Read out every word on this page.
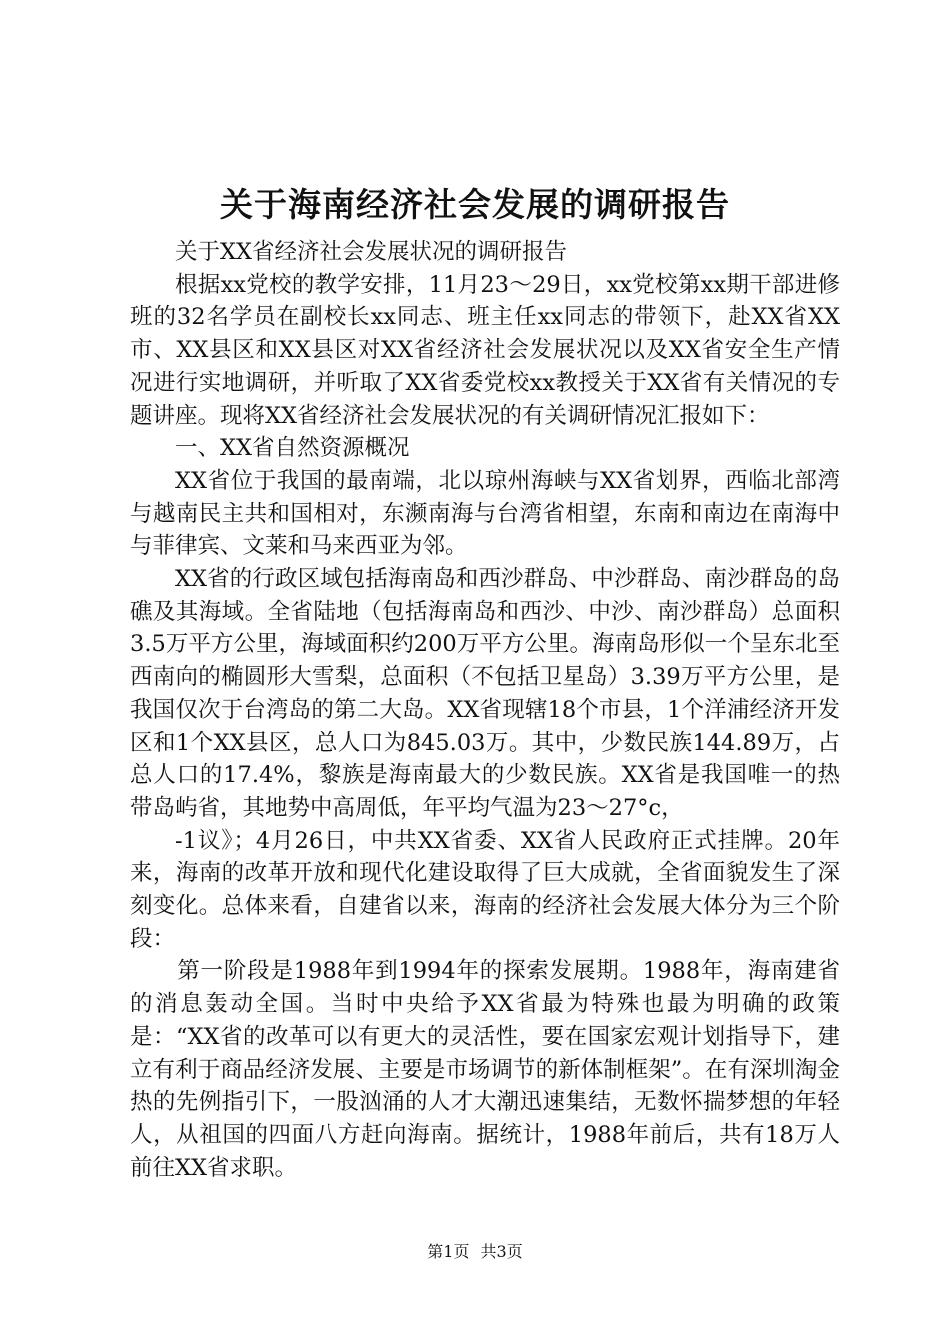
关于海南经济社会发展的调研报告

关于XX省经济社会发展状况的调研报告

根据xx党校的教学安排，11月23～29日，xx党校第xx期干部进修班的32名学员在副校长xx同志、班主任xx同志的带领下，赴XX省XX市、XX县区和XX县区对XX省经济社会发展状况以及XX省安全生产情况进行实地调研，并听取了XX省委党校xx教授关于XX省有关情况的专题讲座。现将XX省经济社会发展状况的有关调研情况汇报如下：

一、XX省自然资源概况

XX省位于我国的最南端，北以琼州海峡与XX省划界，西临北部湾与越南民主共和国相对，东濒南海与台湾省相望，东南和南边在南海中与菲律宾、文莱和马来西亚为邻。

XX省的行政区域包括海南岛和西沙群岛、中沙群岛、南沙群岛的岛礁及其海域。全省陆地（包括海南岛和西沙、中沙、南沙群岛）总面积3.5万平方公里，海域面积约200万平方公里。海南岛形似一个呈东北至西南向的椭圆形大雪梨，总面积（不包括卫星岛）3.39万平方公里，是我国仅次于台湾岛的第二大岛。XX省现辖18个市县，1个洋浦经济开发区和1个XX县区，总人口为845.03万。其中，少数民族144.89万，占总人口的17.4%，黎族是海南最大的少数民族。XX省是我国唯一的热带岛屿省，其地势中高周低，年平均气温为23～27°c，

-1议》；4月26日，中共XX省委、XX省人民政府正式挂牌。20年来，海南的改革开放和现代化建设取得了巨大成就，全省面貌发生了深刻变化。总体来看，自建省以来，海南的经济社会发展大体分为三个阶段：

第一阶段是1988年到1994年的探索发展期。1988年，海南建省的消息轰动全国。当时中央给予XX省最为特殊也最为明确的政策是：“XX省的改革可以有更大的灵活性，要在国家宏观计划指导下，建立有利于商品经济发展、主要是市场调节的新体制框架”。在有深圳淘金热的先例指引下，一股汹涌的人才大潮迅速集结，无数怀揣梦想的年轻人，从祖国的四面八方赶向海南。据统计，1988年前后，共有18万人前往XX省求职。

第1页 共3页
